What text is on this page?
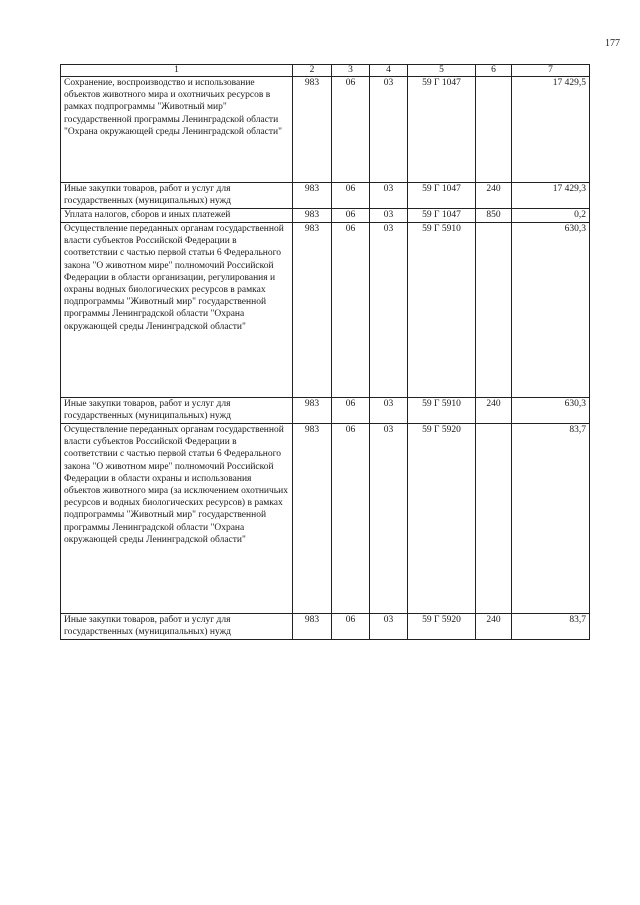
177
1	2	3	4	5	6	7
Сохранение, воспроизводство и использование объектов животного мира и охотничьих ресурсов в рамках подпрограммы "Животный мир" государственной программы Ленинградской области "Охрана окружающей среды Ленинградской области"	983	06	03	59 Г 1047		17 429,5
Иные закупки товаров, работ и услуг для государственных (муниципальных) нужд	983	06	03	59 Г 1047	240	17 429,3
Уплата налогов, сборов и иных платежей	983	06	03	59 Г 1047	850	0,2
Осуществление переданных органам государственной власти субъектов Российской Федерации в соответствии с частью первой статьи 6 Федерального закона "О животном мире" полномочий Российской Федерации в области организации, регулирования и охраны водных биологических ресурсов в рамках подпрограммы "Животный мир" государственной программы Ленинградской области "Охрана окружающей среды Ленинградской области"	983	06	03	59 Г 5910		630,3
Иные закупки товаров, работ и услуг для государственных (муниципальных) нужд	983	06	03	59 Г 5910	240	630,3
Осуществление переданных органам государственной власти субъектов Российской Федерации в соответствии с частью первой статьи 6 Федерального закона "О животном мире" полномочий Российской Федерации в области охраны и использования объектов животного мира (за исключением охотничьих ресурсов и водных биологических ресурсов) в рамках подпрограммы "Животный мир" государственной программы Ленинградской области "Охрана окружающей среды Ленинградской области"	983	06	03	59 Г 5920		83,7
Иные закупки товаров, работ и услуг для государственных (муниципальных) нужд	983	06	03	59 Г 5920	240	83,7
